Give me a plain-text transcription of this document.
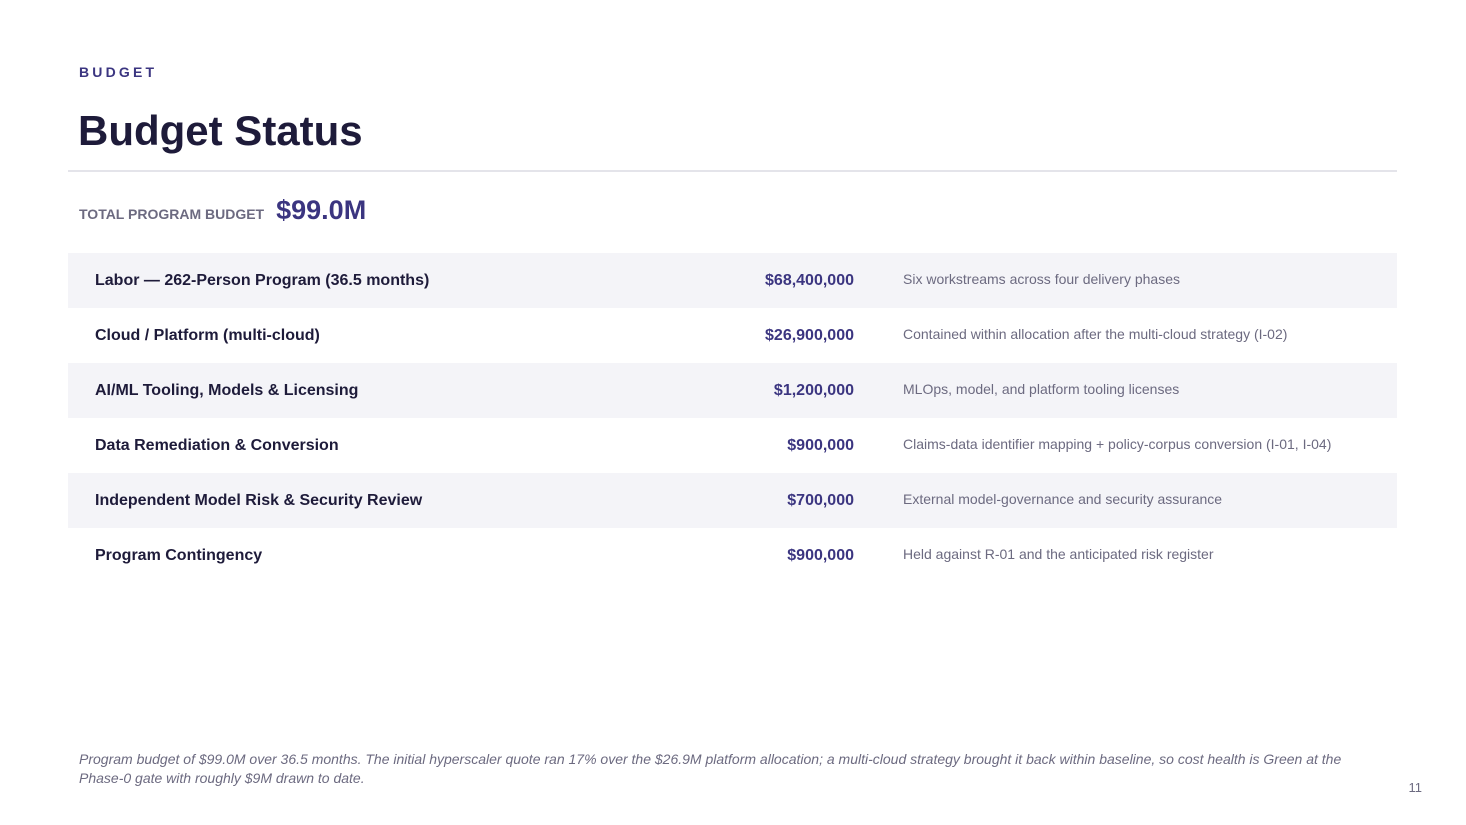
BUDGET
Budget Status
TOTAL PROGRAM BUDGET $99.0M
Labor — 262-Person Program (36.5 months)	$68,400,000	Six workstreams across four delivery phases
Cloud / Platform (multi-cloud)	$26,900,000	Contained within allocation after the multi-cloud strategy (I-02)
AI/ML Tooling, Models & Licensing	$1,200,000	MLOps, model, and platform tooling licenses
Data Remediation & Conversion	$900,000	Claims-data identifier mapping + policy-corpus conversion (I-01, I-04)
Independent Model Risk & Security Review	$700,000	External model-governance and security assurance
Program Contingency	$900,000	Held against R-01 and the anticipated risk register
Program budget of $99.0M over 36.5 months. The initial hyperscaler quote ran 17% over the $26.9M platform allocation; a multi-cloud strategy brought it back within baseline, so cost health is Green at the Phase-0 gate with roughly $9M drawn to date.
11
